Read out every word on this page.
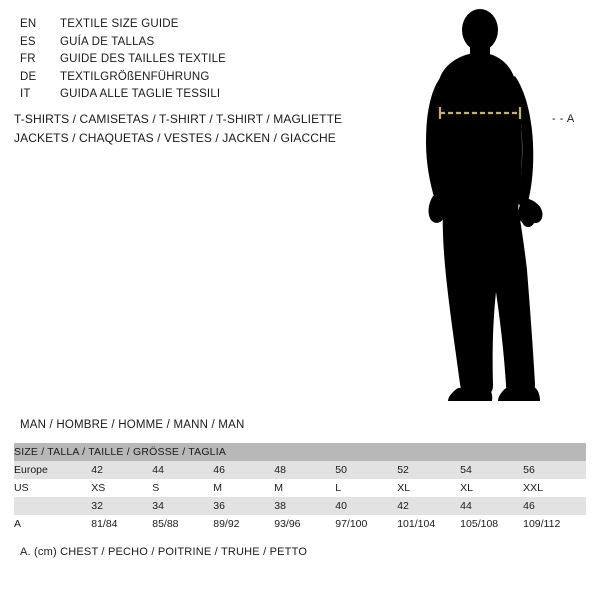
EN	TEXTILE SIZE GUIDE
ES	GUÍA DE TALLAS
FR	GUIDE DES TAILLES TEXTILE
DE	TEXTILGRÖßENFÜHRUNG
IT	GUIDA ALLE TAGLIE TESSILI
T-SHIRTS / CAMISETAS / T-SHIRT / T-SHIRT / MAGLIETTE
JACKETS / CHAQUETAS / VESTES / JACKEN / GIACCHE
- - A
MAN / HOMBRE / HOMME / MANN / MAN
SIZE / TALLA / TAILLE / GRÖSSE / TAGLIA								
Europe	42	44	46	48	50	52	54	56
US	XS	S	M	M	L	XL	XL	XXL
	32	34	36	38	40	42	44	46
A	81/84	85/88	89/92	93/96	97/100	101/104	105/108	109/112
A. (cm) CHEST / PECHO / POITRINE / TRUHE / PETTO
